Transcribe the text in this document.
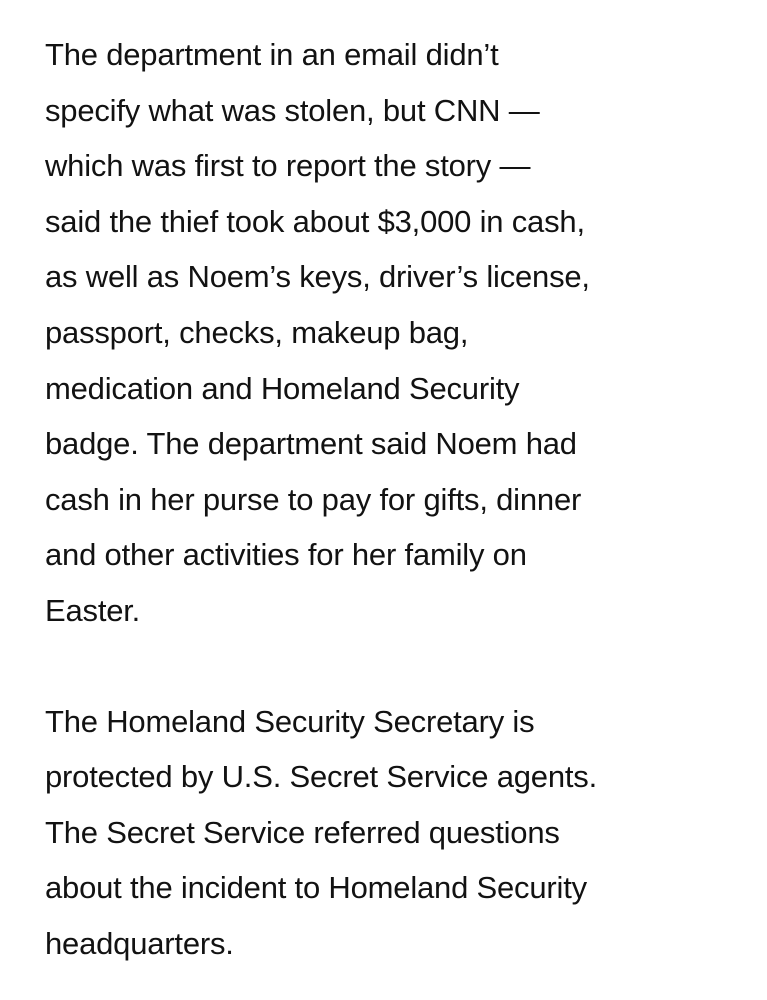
The department in an email didn’t
specify what was stolen, but CNN —
which was first to report the story —
said the thief took about $3,000 in cash,
as well as Noem’s keys, driver’s license,
passport, checks, makeup bag,
medication and Homeland Security
badge. The department said Noem had
cash in her purse to pay for gifts, dinner
and other activities for her family on
Easter.

The Homeland Security Secretary is
protected by U.S. Secret Service agents.
The Secret Service referred questions
about the incident to Homeland Security
headquarters.
